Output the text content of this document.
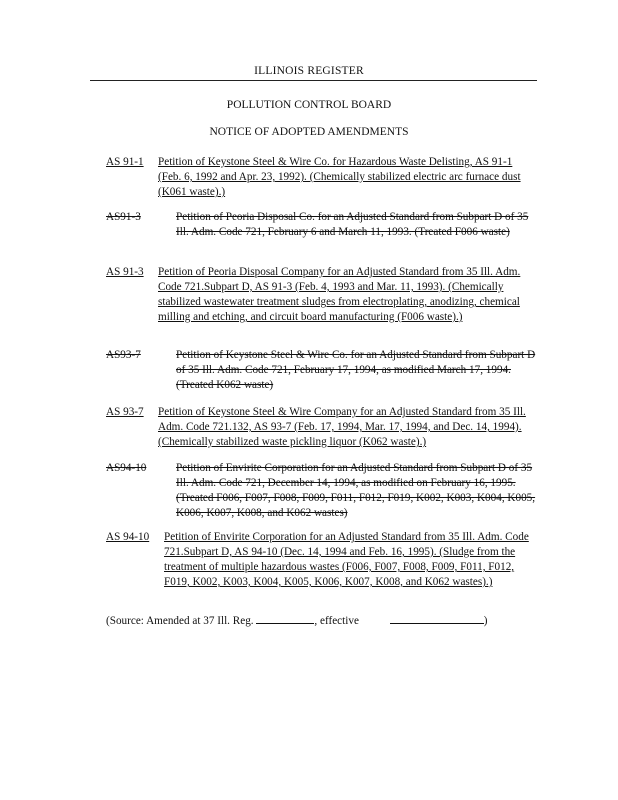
ILLINOIS REGISTER
POLLUTION CONTROL BOARD
NOTICE OF ADOPTED AMENDMENTS
AS 91-1 Petition of Keystone Steel & Wire Co. for Hazardous Waste Delisting, AS 91-1 (Feb. 6, 1992 and Apr. 23, 1992). (Chemically stabilized electric arc furnace dust (K061 waste).)
AS91-3	Petition of Peoria Disposal Co. for an Adjusted Standard from Subpart D of 35 Ill. Adm. Code 721, February 6 and March 11, 1993. (Treated F006 waste)
AS 91-3 Petition of Peoria Disposal Company for an Adjusted Standard from 35 Ill. Adm. Code 721.Subpart D, AS 91-3 (Feb. 4, 1993 and Mar. 11, 1993). (Chemically stabilized wastewater treatment sludges from electroplating, anodizing, chemical milling and etching, and circuit board manufacturing (F006 waste).)
AS93-7	Petition of Keystone Steel & Wire Co. for an Adjusted Standard from Subpart D of 35 Ill. Adm. Code 721, February 17, 1994, as modified March 17, 1994. (Treated K062 waste)
AS 93-7 Petition of Keystone Steel & Wire Company for an Adjusted Standard from 35 Ill. Adm. Code 721.132, AS 93-7 (Feb. 17, 1994, Mar. 17, 1994, and Dec. 14, 1994). (Chemically stabilized waste pickling liquor (K062 waste).)
AS94-10	Petition of Envirite Corporation for an Adjusted Standard from Subpart D of 35 Ill. Adm. Code 721, December 14, 1994, as modified on February 16, 1995. (Treated F006, F007, F008, F009, F011, F012, F019, K002, K003, K004, K005, K006, K007, K008, and K062 wastes)
AS 94-10 Petition of Envirite Corporation for an Adjusted Standard from 35 Ill. Adm. Code 721.Subpart D, AS 94-10 (Dec. 14, 1994 and Feb. 16, 1995). (Sludge from the treatment of multiple hazardous wastes (F006, F007, F008, F009, F011, F012, F019, K002, K003, K004, K005, K006, K007, K008, and K062 wastes).)
(Source: Amended at 37 Ill. Reg.	, effective	)
